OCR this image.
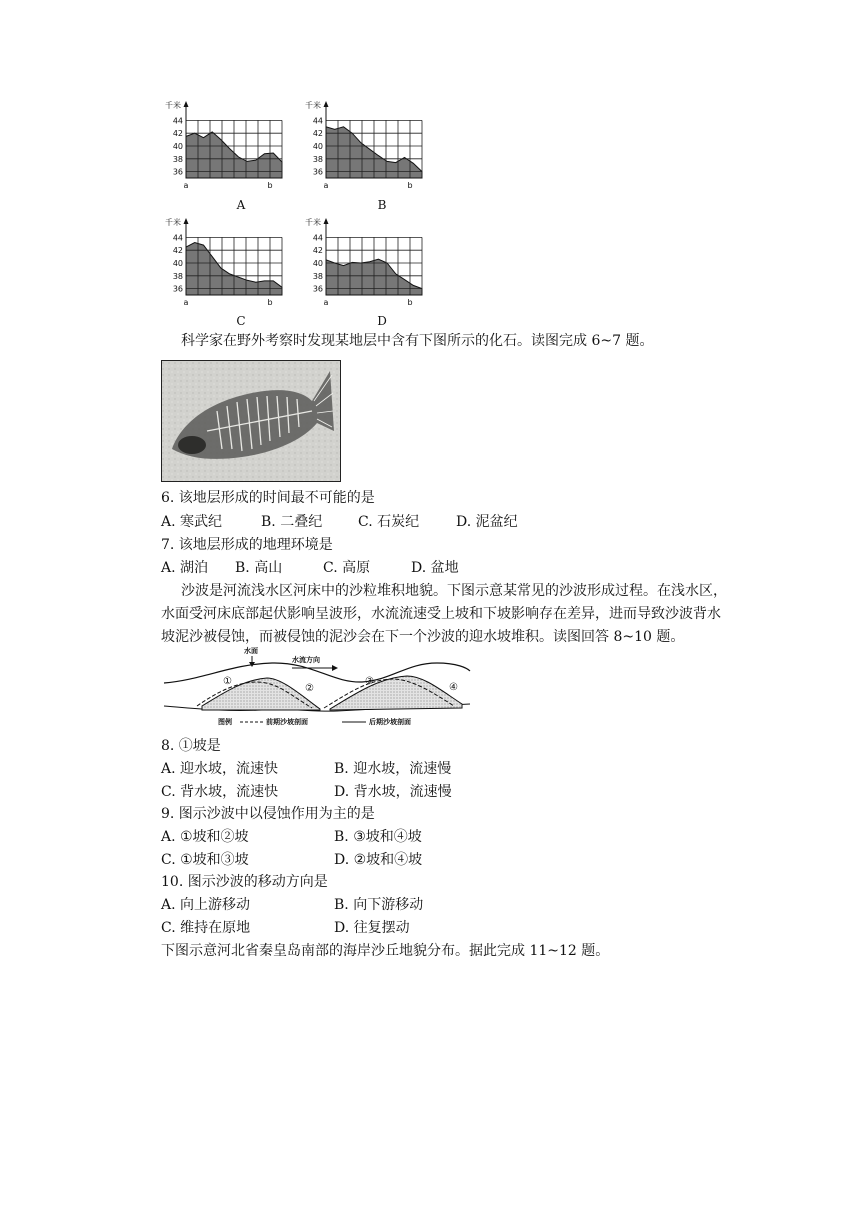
44
42
40
38
36
千米
a	b
A
44
42
40
38
36
千米
a	b
B
44
42
40
38
36
千米
a	b
C
44
42
40
38
36
千米
a	b
D
科学家在野外考察时发现某地层中含有下图所示的化石。读图完成 6~7 题。
6. 该地层形成的时间最不可能的是
A. 寒武纪	B. 二叠纪	C. 石炭纪	D. 泥盆纪
7. 该地层形成的地理环境是
A. 湖泊 B. 高山	C. 高原	D. 盆地
沙波是河流浅水区河床中的沙粒堆积地貌。下图示意某常见的沙波形成过程。在浅水区，水面受河床底部起伏影响呈波形，水流流速受上坡和下坡影响存在差异，进而导致沙波背水坡泥沙被侵蚀，而被侵蚀的泥沙会在下一个沙波的迎水坡堆积。读图回答 8~10 题。
水面
水流方向
①
②
③
④
图例	前期沙坡剖面	后期沙坡剖面
8. ①坡是
A. 迎水坡，流速快	B. 迎水坡，流速慢
C. 背水坡，流速快	D. 背水坡，流速慢
9. 图示沙波中以侵蚀作用为主的是
A. ①坡和②坡	B. ③坡和④坡
C. ①坡和③坡	D. ②坡和④坡
10. 图示沙波的移动方向是
A. 向上游移动	B. 向下游移动
C. 维持在原地	D. 往复摆动
下图示意河北省秦皇岛南部的海岸沙丘地貌分布。据此完成 11~12 题。
